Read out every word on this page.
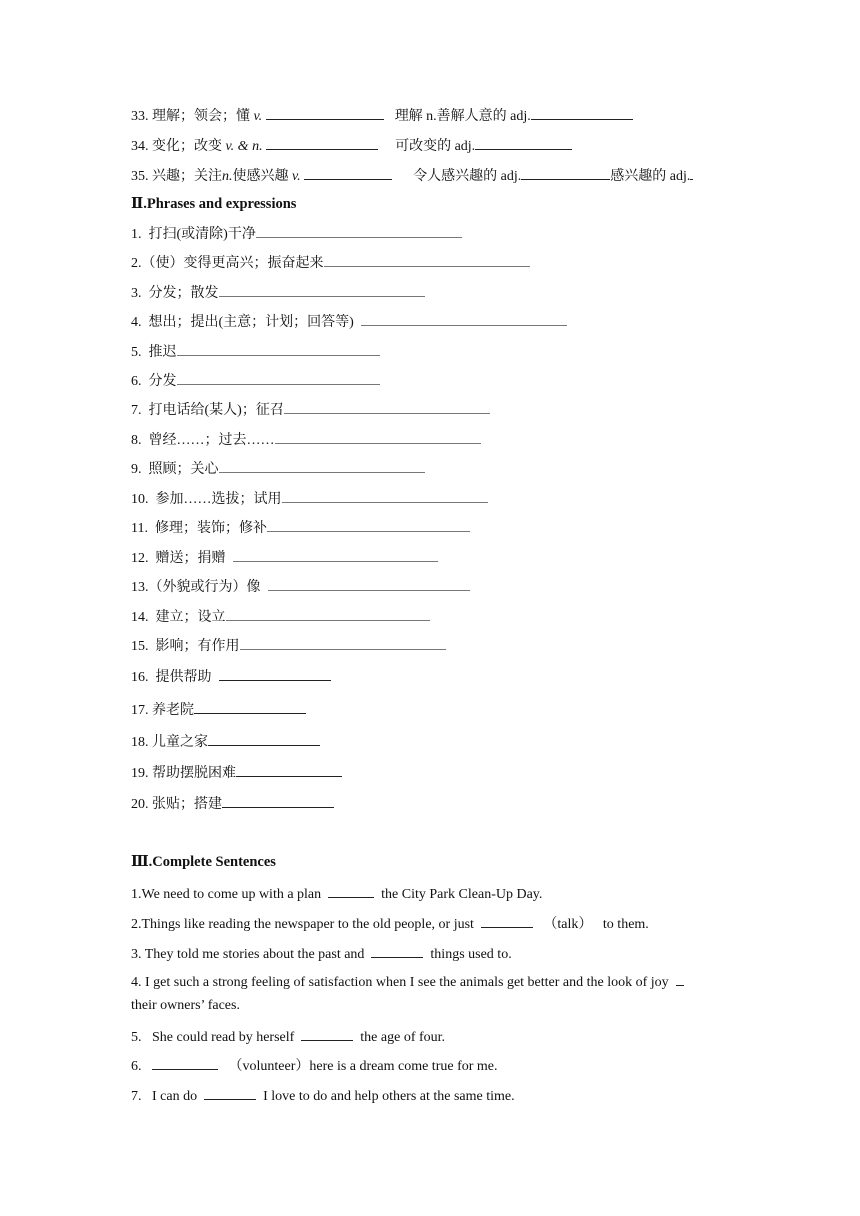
33. 理解；领会；懂 v.	理解 n.善解人意的 adj.
34. 变化；改变 v. & n.	可改变的 adj.
35. 兴趣；关注n.使感兴趣 v.	令人感兴趣的 adj.	感兴趣的 adj.
Ⅱ.Phrases and expressions
1. 打扫(或清除)干净
2.（使）变得更高兴；振奋起来
3. 分发；散发
4. 想出；提出(主意；计划；回答等)
5. 推迟
6. 分发
7. 打电话给(某人)；征召
8. 曾经……；过去……
9. 照顾；关心
10. 参加……选拔；试用
11. 修理；装饰；修补
12. 赠送；捐赠
13.（外貌或行为）像
14. 建立；设立
15. 影响；有作用
16. 提供帮助
17. 养老院
18. 儿童之家
19. 帮助摆脱困难
20. 张贴；搭建
Ⅲ.Complete Sentences
1.We need to come up with a plan	the City Park Clean-Up Day.
2.Things like reading the newspaper to the old people, or just	（talk） to them.
3. They told me stories about the past and	things used to.
4. I get such a strong feeling of satisfaction when I see the animals get better and the look of joy
their owners’ faces.
5. She could read by herself	the age of four.
6.	（volunteer）here is a dream come true for me.
7. I can do	I love to do and help others at the same time.
